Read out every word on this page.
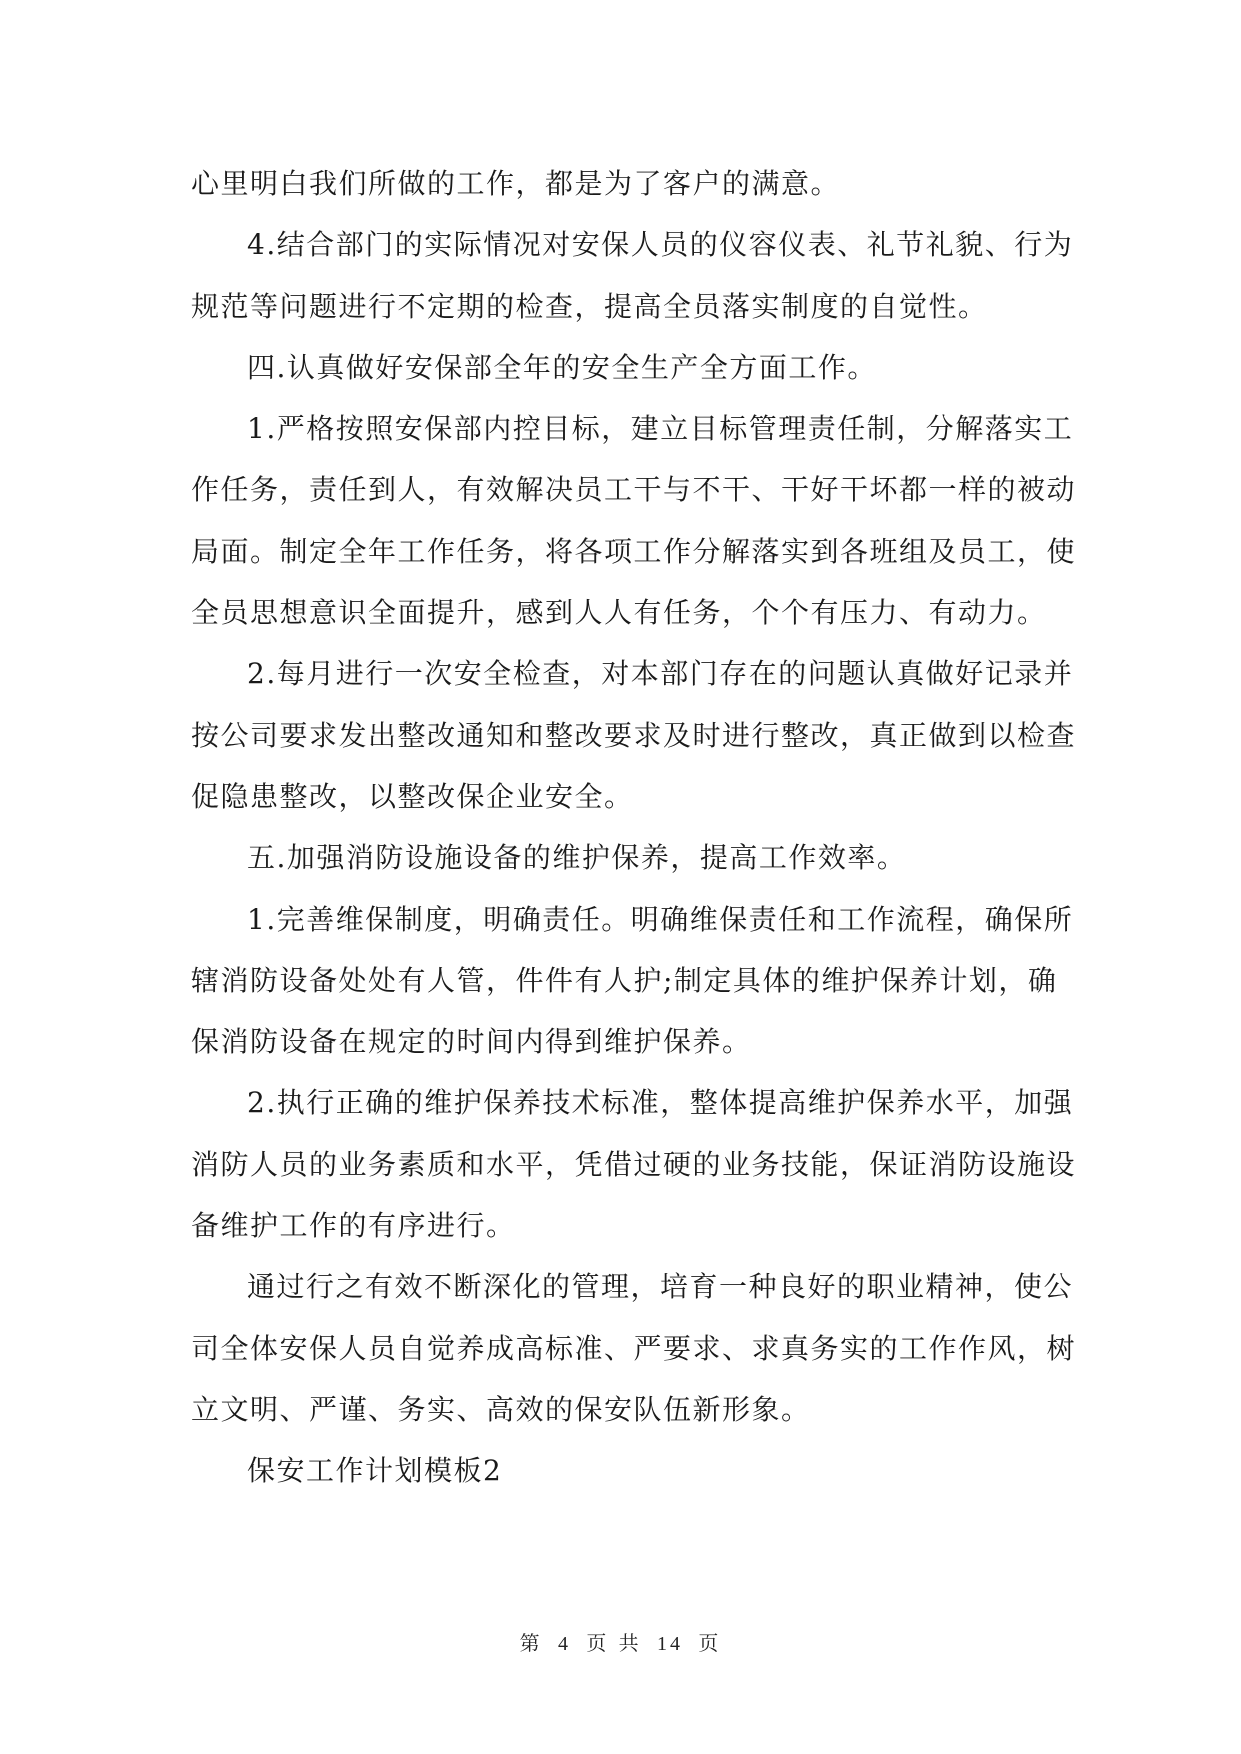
心里明白我们所做的工作，都是为了客户的满意。
4.结合部门的实际情况对安保人员的仪容仪表、礼节礼貌、行为
规范等问题进行不定期的检查，提高全员落实制度的自觉性。
四.认真做好安保部全年的安全生产全方面工作。
1.严格按照安保部内控目标，建立目标管理责任制，分解落实工
作任务，责任到人，有效解决员工干与不干、干好干坏都一样的被动
局面。制定全年工作任务，将各项工作分解落实到各班组及员工，使
全员思想意识全面提升，感到人人有任务，个个有压力、有动力。
2.每月进行一次安全检查，对本部门存在的问题认真做好记录并
按公司要求发出整改通知和整改要求及时进行整改，真正做到以检查
促隐患整改，以整改保企业安全。
五.加强消防设施设备的维护保养，提高工作效率。
1.完善维保制度，明确责任。明确维保责任和工作流程，确保所
辖消防设备处处有人管，件件有人护;制定具体的维护保养计划，确
保消防设备在规定的时间内得到维护保养。
2.执行正确的维护保养技术标准，整体提高维护保养水平，加强
消防人员的业务素质和水平，凭借过硬的业务技能，保证消防设施设
备维护工作的有序进行。
通过行之有效不断深化的管理，培育一种良好的职业精神，使公
司全体安保人员自觉养成高标准、严要求、求真务实的工作作风，树
立文明、严谨、务实、高效的保安队伍新形象。
保安工作计划模板2
第 4 页 共 14 页
